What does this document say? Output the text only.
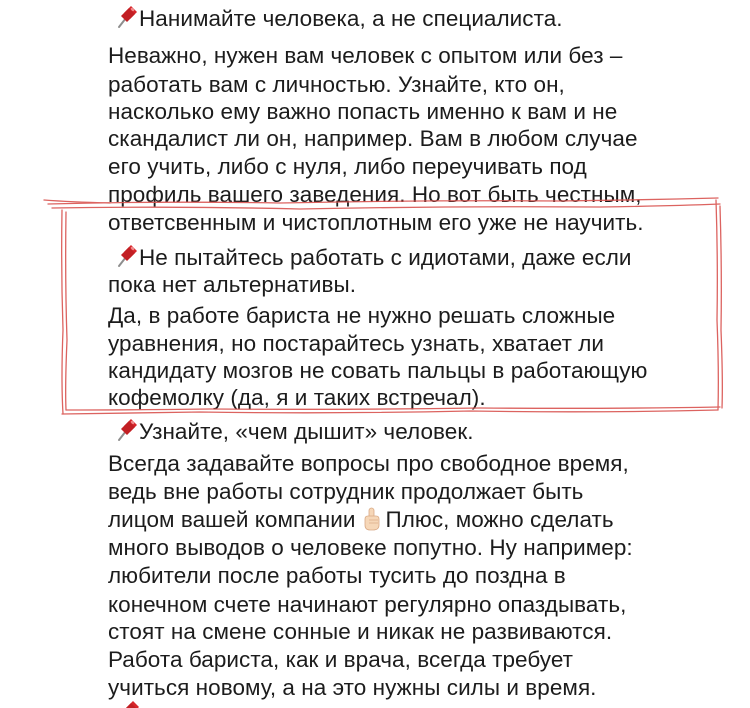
Нанимайте человека, а не специалиста.
Неважно, нужен вам человек с опытом или без –
работать вам с личностью. Узнайте, кто он,
насколько ему важно попасть именно к вам и не
скандалист ли он, например. Вам в любом случае
его учить, либо с нуля, либо переучивать под
профиль вашего заведения. Но вот быть честным,
ответсвенным и чистоплотным его уже не научить.
Не пытайтесь работать с идиотами, даже если
пока нет альтернативы.
Да, в работе бариста не нужно решать сложные
уравнения, но постарайтесь узнать, хватает ли
кандидату мозгов не совать пальцы в работающую
кофемолку (да, я и таких встречал).
Узнайте, «чем дышит» человек.
Всегда задавайте вопросы про свободное время,
ведь вне работы сотрудник продолжает быть
лицом вашей компании Плюс, можно сделать
много выводов о человеке попутно. Ну например:
любители после работы тусить до поздна в
конечном счете начинают регулярно опаздывать,
стоят на смене сонные и никак не развиваются.
Работа бариста, как и врача, всегда требует
учиться новому, а на это нужны силы и время.
